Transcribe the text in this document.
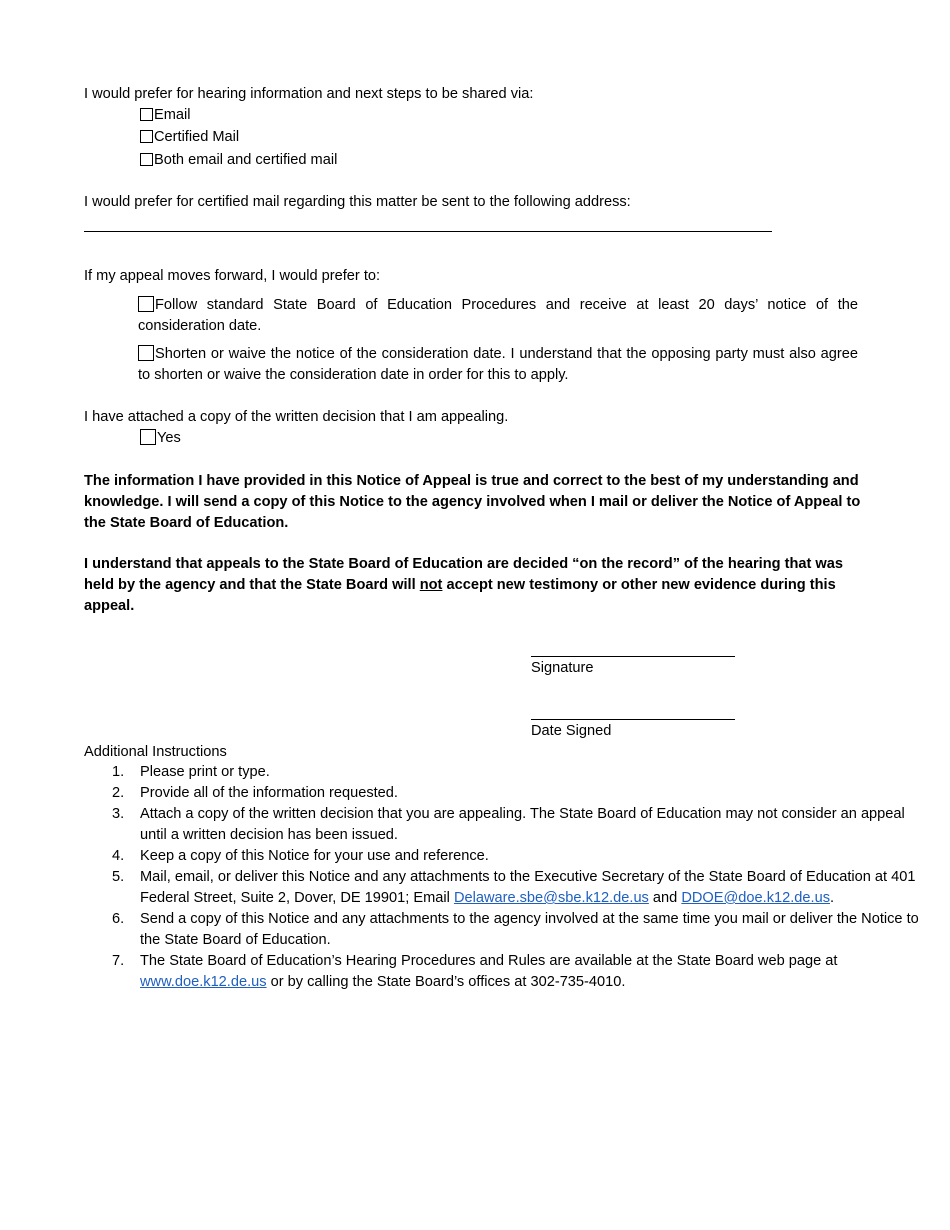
I would prefer for hearing information and next steps to be shared via:
Email
Certified Mail
Both email and certified mail
I would prefer for certified mail regarding this matter be sent to the following address:
If my appeal moves forward, I would prefer to:
Follow standard State Board of Education Procedures and receive at least 20 days’ notice of the consideration date.
Shorten or waive the notice of the consideration date. I understand that the opposing party must also agree to shorten or waive the consideration date in order for this to apply.
I have attached a copy of the written decision that I am appealing.
Yes
The information I have provided in this Notice of Appeal is true and correct to the best of my understanding and knowledge. I will send a copy of this Notice to the agency involved when I mail or deliver the Notice of Appeal to the State Board of Education.
I understand that appeals to the State Board of Education are decided “on the record” of the hearing that was held by the agency and that the State Board will not accept new testimony or other new evidence during this appeal.
Signature
Date Signed
Additional Instructions
1. Please print or type.
2. Provide all of the information requested.
3. Attach a copy of the written decision that you are appealing. The State Board of Education may not consider an appeal until a written decision has been issued.
4. Keep a copy of this Notice for your use and reference.
5. Mail, email, or deliver this Notice and any attachments to the Executive Secretary of the State Board of Education at 401 Federal Street, Suite 2, Dover, DE 19901; Email Delaware.sbe@sbe.k12.de.us and DDOE@doe.k12.de.us.
6. Send a copy of this Notice and any attachments to the agency involved at the same time you mail or deliver the Notice to the State Board of Education.
7. The State Board of Education’s Hearing Procedures and Rules are available at the State Board web page at www.doe.k12.de.us or by calling the State Board’s offices at 302-735-4010.
